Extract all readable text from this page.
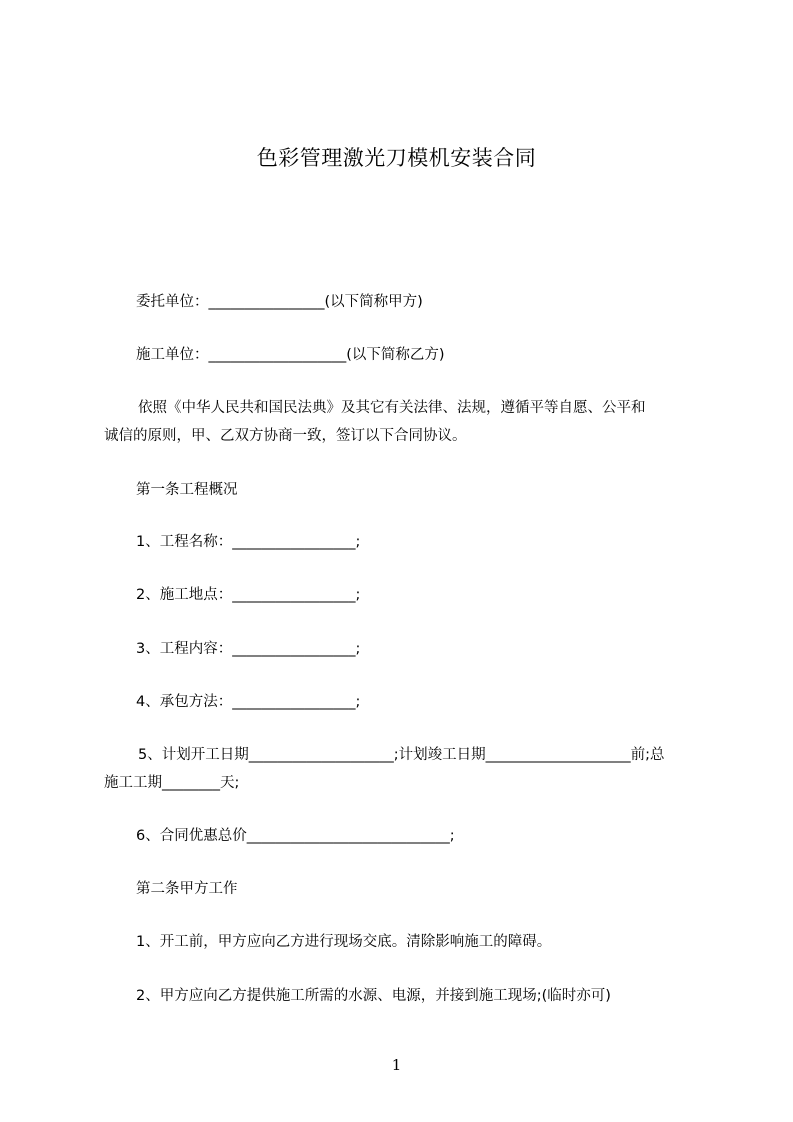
色彩管理激光刀模机安装合同
委托单位：________________(以下简称甲方)
施工单位：___________________(以下简称乙方)
依照《中华人民共和国民法典》及其它有关法律、法规，遵循平等自愿、公平和
诚信的原则，甲、乙双方协商一致，签订以下合同协议。
第一条工程概况
1、工程名称：_________________;
2、施工地点：_________________;
3、工程内容：_________________;
4、承包方法：_________________;
5、计划开工日期____________________;计划竣工日期____________________前;总
施工工期________天;
6、合同优惠总价____________________________;
第二条甲方工作
1、开工前，甲方应向乙方进行现场交底。清除影响施工的障碍。
2、甲方应向乙方提供施工所需的水源、电源，并接到施工现场;(临时亦可)
1
